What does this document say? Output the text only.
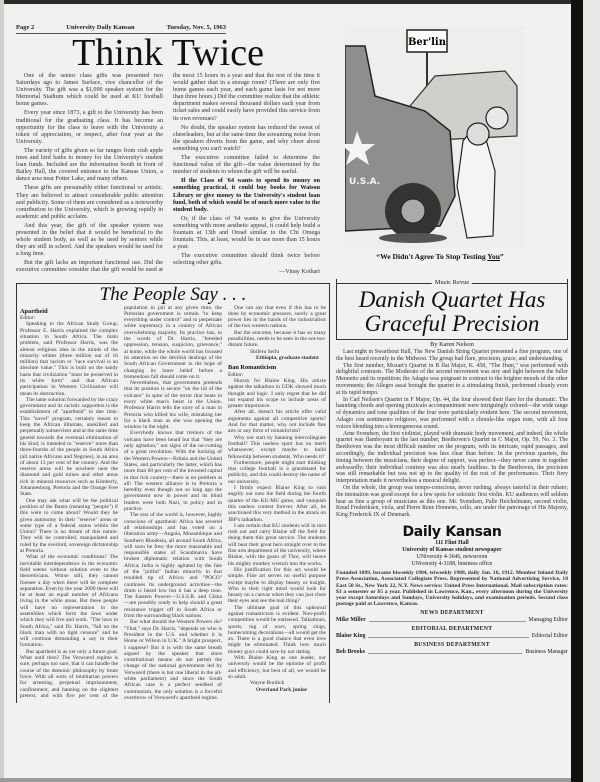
Page 2	University Daily Kansan	Tuesday, Nov. 5, 1963
Think Twice

One of the senior class gifts was presented two Saturdays ago to James Surface, vice chancellor of the University. The gift was a $1,000 speaker system for the Memorial Stadium which could be used at KU football home games.

Every year since 1873, a gift to the University has been traditional for the graduating class. It has become an opportunity for the class to leave with the University a token of appreciation, or respect, after four year at the University.

The variety of gifts given so far ranges from crab apple trees and bird baths to money for the University's student loan funds. Included are the information booth in front of Bailey Hall, the covered entrance to the Kansas Union, a dance area near Potter Lake, and many others.

These gifts are presumably either functional or artistic. They are believed to attract considerable public attention and publicity. Some of them are considered as a noteworthy contribution to the University, which is growing rapidly in academic and public acclaim.

And this year, the gift of the speaker system was presented in the belief that it would be beneficial to the whole student body, as well as be used by seniors while they are still in school. And the speakers would be used for a long time.

But the gift lacks an important functional use. Did the executive committee consider that the gift would be used at the most 15 hours in a year and that the rest of the time it would gather dust in a storage room? (There are only five home games each year, and each game lasts for not more than three hours.) Did the committee realize that the athletic department makes several thousand dollars each year from ticket sales and could easily have provided this service from its own revenues?

No doubt, the speaker system has reduced the sweat of cheerleaders, but at the same time the screaming noise from the speakers diverts from the game, and why cheer about something you can't watch?

The executive committee failed to determine the functional value of the gift—the value determined by the number of students to whom the gift will be useful.

If the Class of '64 wants to spend its money on something practical, it could buy books for Watson Library or give money to the University's student loan fund, both of which would be of much more value to the student body.

Or, if the class of '64 wants to give the University something with more aesthetic appeal, it could help build a fountain at 13th and Oread similar to the Chi Omega fountain. This, at least, would be in use more than 15 hours a year.

The executive committee should think twice before selecting other gifts.

—Vinay Kothari

The People Say . . .

Apartheid

Editor:

Speaking to the African Study Group, Professor E. Harris explained the complex situation in South Africa. The main problem, said Professor Harris, was the almost religious idea in the minds of the minority whites (three million out of 16 million) that racism or "race survival is an absolute value." This is built on the sandy basis that civilization "must be preserved in its white form" and that African participation in Western Civilization will mean its destruction.

The lame solution forwarded by the crazy government and its racistic supporters is the establishment of "apartheid" in due time. This "novel" program, certainly meant to keep the African illiterate, unskilled and perpetually subservient and at the same time geared towards the eventual elimination of his kind, is intended to "reserve" more than three-fourths of the people in South Africa (all native Africans and Negroes), in an area of about 13 per cent of the country. And the reserve areas will be nowhere near the diamond and gold mines and other areas rich in mineral resources such as Kimberly, Johannesburg, Pretoria and the Orange Free State.

One may ask what will be the political position of the Bantu (meaning "people") if this were to come about? Would they be given autonomy in their "reserve" areas or some type of a federal status within the Union? There is no dream of this nature. They will be controlled, manipulated and ruled by the overlord, sovereign dictatorship at Pretoria.

What of the economic conditions? The inevitable interdependence in the economic field seems without solution even to the theoreticians. Worse still, they cannot foresee a day when there will be complete separation. Even by the year 2000 there will be at least an equal number of Africans living in the white areas. But these people will have no representation in the assemblies which form the laws under which they will live and work. "The laws in South Africa," said Dr. Harris, "fall on the black man with no light censure" and he will continue demanding a say in their formation.

But apartheid is as yet only a future goal. What until then? The Verwoerd regime is sure, perhaps too sure, that it can handle the course of the demonic philosophy by brute force. With all sorts of totalitarian powers for arresting, perpetual imprisonment, confinement, and banning on the slightest pretext, and with five per cent of the population in jail at any given time, the Pretorian government is certain "to keep everything under control" and to perpetuate white supremacy in a country of African overwhelming majority. Its practice has, in the words of Dr. Harris, "breeded oppression, tension, suspicion, grievance," at home, while the whole world has focused its attention on the devilish dealings of the South African Government in the hope of changing its inner belief before a tremendous fall should come on it.

Nevertheless, that government pretends that its position is secure "on the lid of the volcano" in spite of the terror that beats in every white man's heart in the Union. Professor Harris tells the story of a man in Pretoria who killed his wife, mistaking her for a black man as she was opening the window in the night.

Everybody knows that tremors of the volcano have been heard but that "they are only agitation," not signs of the on-coming of a great revolution. With the backing of the Western Powers—Britain and the United States, and particularly the latter, which has more than 60 per cent of the invested capital in that rich country—there is no problem at all! The western alliance is to Pretoria a heredity even though not so long ago the government now in power and its blind leaders were both Nazi, in policy and in practice.

The rest of the world is, however, highly conscious of apartheid: Africa has severed all relationships and has voted on a liberation army—Angola, Mozambique and Southern Rhodesia, all around South Africa, will soon be free; the more reasonable and responsible states of Scandinavia have broken diplomatic relation with South Africa; India is highly agitated by the fate of the "pitiful" Indian minority in that troubled tip of Africa; and "POCO" continues its underground activities—the drum is heard low but it has a deep tone. The Eastern Powers—U.S.S.R. and China—are possibly ready to help should a great resistance trigger off in South Africa or from the surrounding black nations.

But what should the Western Powers do? "That," says Dr. Harris, "depends on who is President in the U.S. and whether it is Home or Wilson in U.K." A bright prospect, I suppose? But it is with the same breath argued by the speaker that since constitutional means do not permit the change of the national government led by Verwoerd (there is but one liberal in the all-white parliament) and since the South African case is a perfect seedbed of communism, the only solution is a forceful overthrow of Verwoerd's apartheid regime.

One can say that even if this has to be done by economic pressure, surely a great power lies in the hands of the industrialists of the two western nations.

But the outcome, because it has so many possibilities, needs to be seen in the not-too-distant future.

Shiferu Seifu

Ethiopia, graduate student

Ban Romanticism

Editor:

Hurray for Blaine King. His article against the talkathon in UDK showed much thought and logic. I only regret that he did not expand his scope to include areas of greater importance.

After all, doesn't his article offer valid arguments against all competitive sports? And for that matter, why not include fine arts or any form of romanticism?

Why not start by banning intercollegiate football? This useless sport has no merit whatsoever, except maybe to build fellowship between students. Who needs it?

Furthermore, people might start thinking that college football is a grandstand for publicity, and this could destroy the name of our university.

I firmly expect Blaine King to rush angrily out onto the field during the fourth quarter of the KU-MU game, and vanquish this useless contest forever. After all, he sanctioned this very method in the attack on JBP's talkathon.

I am certain that KU students will in turn rush out and carry Blaine off the field for doing them this great service. The students will bear their great hero straight over to the fine arts department of the university, where Blaine, with the gusto of Thor, will heave his mighty monkey wrench into the works.

His justification for this act would be simple. Fine art serves no useful purpose except maybe to display beauty or insight. Who in their right mind would look for beauty on a canvas when they can just close their eyes and see the real thing?

The ultimate goal of this upheaval against romanticism is evident. Non-profit competition would be outlawed. Talkathons, sports, tug of wars, spring sings, homecoming decorations—all would get the ax. There is a good chance that even love might be eliminated. Think how much money guys could save by not dating.

With Blaine King as one leader, our university would be the epitome of profit and efficiency, but best of all, we would be so adult.

Wayne Burdick

Overland Park junior

Ber'lin
U.S.A.
“We Didn't Agree To Stop Testing You”
Music Revue
Danish Quartet Has Graceful Precision
By Karen Nelson

Last night in Swarthout Hall, The New Danish String Quartet presented a fine program, one of the best heard recently in the Midwest. The group had flare, precision, grace, and understanding.

The first number, Mozart's Quartet in B flat Major, K. 458, "The Hunt," was performed with delightful contrasts. The Moderato of the second movement was airy and light between the fuller Menuetto and its repetition; the Adagio was poignant in contrast to the brighter moods of the other movements; the Allegro assai brought the quartet to a stimulating finish, performed cleanly even at its rapid tempo.

In Carl Neilsen's Quartet in F Major, Op. 44, the four showed their flare for the dramatic. The haunting chords and opening pizzicato accompaniment were intriguingly colored—the wide range of dynamics and tone qualities of the four were particularly evident here. The second movement, Adagio con sentimento religioso, was performed with a chorale-like organ tone, with all four voices blending into a homogeneous sound.

Arne Svendsen, the first violinist, played with dramatic body movement, and indeed, the whole quartet was flamboyant in the last number, Beethoven's Quartet in C Major, Op. 59, No. 3. The Beethoven was the most difficult number on the program, with its intricate, rapid passages, and accordingly, the individual precision was less clear than before. In the previous quartets, the timing between the musicians, their degree of rapport, was perfect—they never came in together awkwardly; their individual courtesy was also nearly faultless. In the Beethoven, the precision was still remarkable but was not up to the quality of the rest of the performance. Their fiery interpretation made it nevertheless a musical delight.

On the whole, the group was tempo-conscious, never rushing, always tasteful in their rubato; the intonation was good except for a few spots for soloistic first violin. KU audiences will seldom hear as fine a group of musicians as this one. Mr. Svendsen, Palle Heichelmann, second violin, Knud Frederiksen, viola, and Pierre Rene Honnens, cello, are under the patronage of His Majesty, King Frederick IX of Denmark.

Daily Kansan
111 Flint Hall
University of Kansas student newspaper
UNiversity 4-3646, newsroom
UNiversity 4-3188, business office
Founded 1889, became biweekly 1904, triweekly 1908, daily Jan. 16, 1912. Member Inland Daily Press Association, Associated Collegiate Press. Represented by National Advertising Service, 18 East 50 St., New York 22, N.Y. News service: United Press International. Mail subscription rates: $3 a semester or $5 a year. Published in Lawrence, Kan., every afternoon during the University year except Saturdays and Sundays, University holidays, and examination periods. Second class postage paid at Lawrence, Kansas.
NEWS DEPARTMENT
Mike Miller	Managing Editor
EDITORIAL DEPARTMENT
Blaine King	Editorial Editor
BUSINESS DEPARTMENT
Bob Brooks	Business Manager
